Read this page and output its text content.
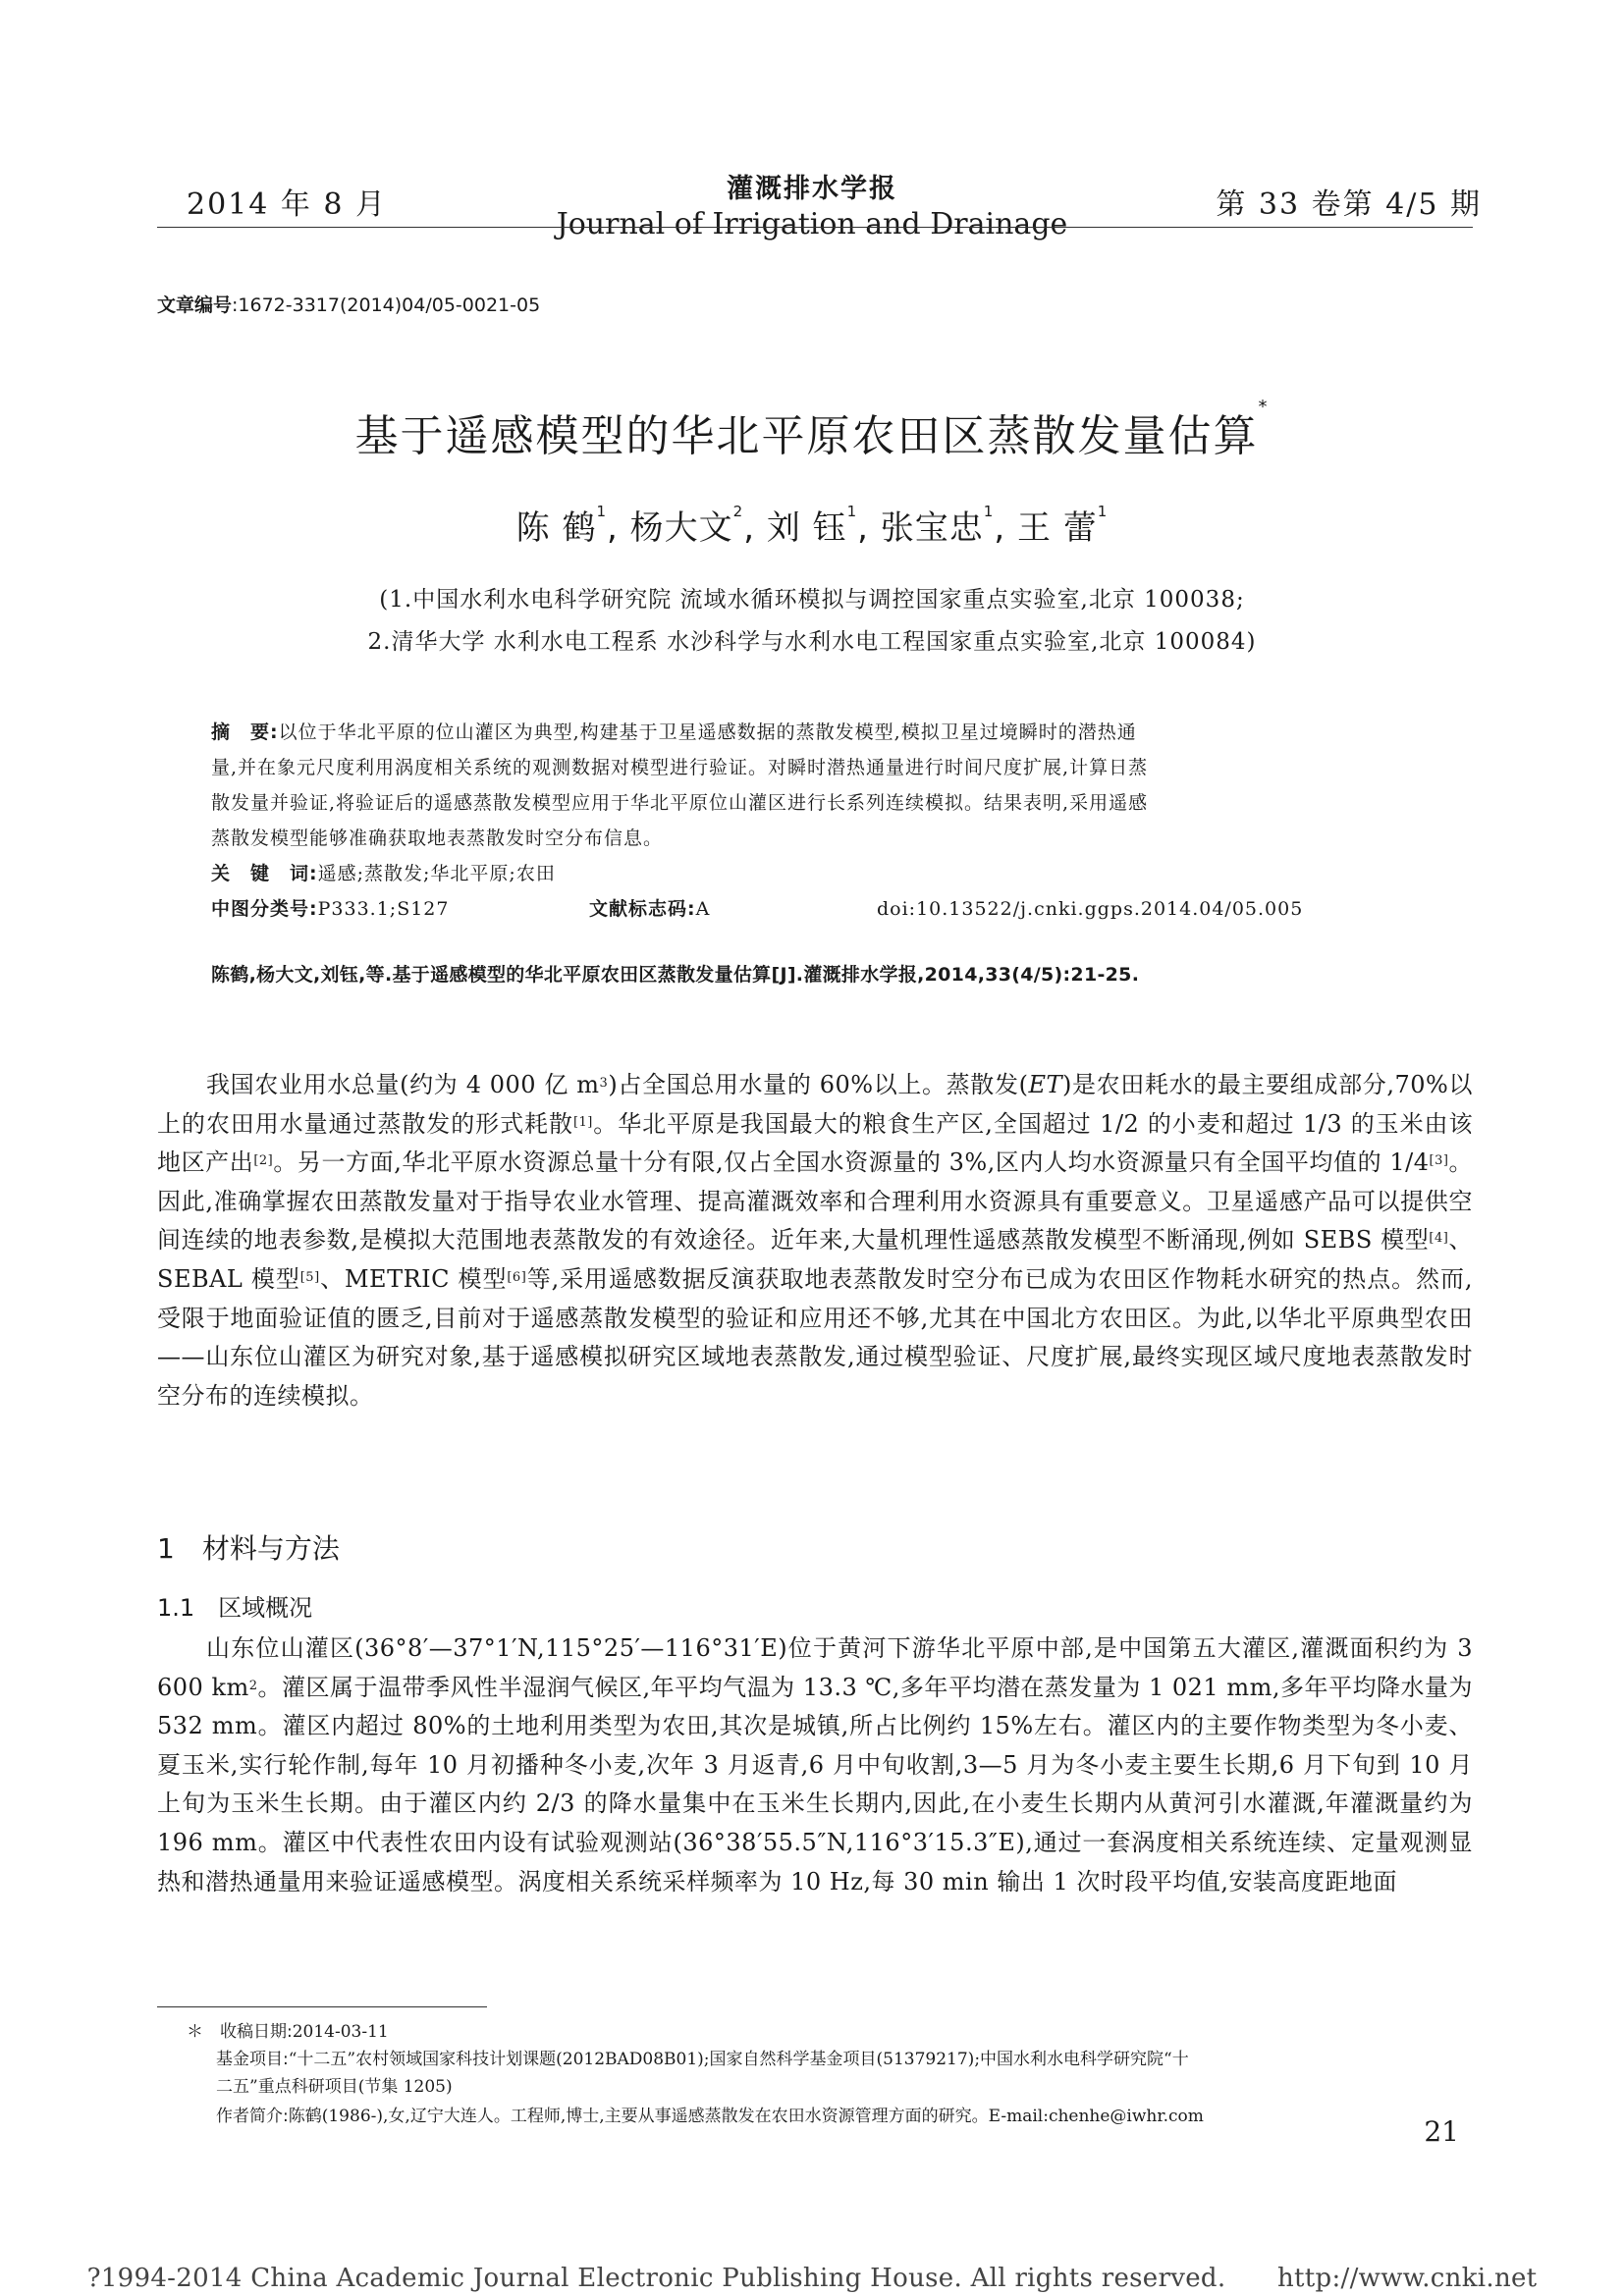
2014 年 8 月	灌溉排水学报
Journal of Irrigation and Drainage
第 33 卷第 4/5 期
文章编号:1672-3317(2014)04/05-0021-05
基于遥感模型的华北平原农田区蒸散发量估算*
陈 鹤$^1$, 杨大文$^2$, 刘 钰$^1$, 张宝忠$^1$, 王 蕾$^1$
(1.中国水利水电科学研究院 流域水循环模拟与调控国家重点实验室,北京 100038;
2.清华大学 水利水电工程系 水沙科学与水利水电工程国家重点实验室,北京 100084)
摘　要:以位于华北平原的位山灌区为典型,构建基于卫星遥感数据的蒸散发模型,模拟卫星过境瞬时的潜热通
量,并在象元尺度利用涡度相关系统的观测数据对模型进行验证。对瞬时潜热通量进行时间尺度扩展,计算日蒸
散发量并验证,将验证后的遥感蒸散发模型应用于华北平原位山灌区进行长系列连续模拟。结果表明,采用遥感
蒸散发模型能够准确获取地表蒸散发时空分布信息。
关　键　词:遥感;蒸散发;华北平原;农田
中图分类号:P333.1;S127	文献标志码:A	doi:10.13522/j.cnki.ggps.2014.04/05.005
陈鹤,杨大文,刘钰,等.基于遥感模型的华北平原农田区蒸散发量估算[J].灌溉排水学报,2014,33(4/5):21-25.
我国农业用水总量(约为 4 000 亿 m$^3$)占全国总用水量的 60%以上。蒸散发(ET)是农田耗水的最主要组成部分,70%以上的农田用水量通过蒸散发的形式耗散[1]。华北平原是我国最大的粮食生产区,全国超过 1/2 的小麦和超过 1/3 的玉米由该地区产出[2]。另一方面,华北平原水资源总量十分有限,仅占全国水资源量的 3%,区内人均水资源量只有全国平均值的 1/4[3]。因此,准确掌握农田蒸散发量对于指导农业水管理、提高灌溉效率和合理利用水资源具有重要意义。卫星遥感产品可以提供空间连续的地表参数,是模拟大范围地表蒸散发的有效途径。近年来,大量机理性遥感蒸散发模型不断涌现,例如 SEBS 模型[4]、SEBAL 模型[5]、METRIC 模型[6]等,采用遥感数据反演获取地表蒸散发时空分布已成为农田区作物耗水研究的热点。然而,受限于地面验证值的匮乏,目前对于遥感蒸散发模型的验证和应用还不够,尤其在中国北方农田区。为此,以华北平原典型农田——山东位山灌区为研究对象,基于遥感模拟研究区域地表蒸散发,通过模型验证、尺度扩展,最终实现区域尺度地表蒸散发时空分布的连续模拟。
1　材料与方法
1.1　区域概况
山东位山灌区(36°8′—37°1′N,115°25′—116°31′E)位于黄河下游华北平原中部,是中国第五大灌区,灌溉面积约为 3 600 km$^2$。灌区属于温带季风性半湿润气候区,年平均气温为 13.3 ℃,多年平均潜在蒸发量为 1 021 mm,多年平均降水量为 532 mm。灌区内超过 80%的土地利用类型为农田,其次是城镇,所占比例约 15%左右。灌区内的主要作物类型为冬小麦、夏玉米,实行轮作制,每年 10 月初播种冬小麦,次年 3 月返青,6 月中旬收割,3—5 月为冬小麦主要生长期,6 月下旬到 10 月上旬为玉米生长期。由于灌区内约 2/3 的降水量集中在玉米生长期内,因此,在小麦生长期内从黄河引水灌溉,年灌溉量约为 196 mm。灌区中代表性农田内设有试验观测站(36°38′55.5″N,116°3′15.3″E),通过一套涡度相关系统连续、定量观测显热和潜热通量用来验证遥感模型。涡度相关系统采样频率为 10 Hz,每 30 min 输出 1 次时段平均值,安装高度距地面
＊　收稿日期:2014-03-11
基金项目:“十二五”农村领域国家科技计划课题(2012BAD08B01);国家自然科学基金项目(51379217);中国水利水电科学研究院“十
二五”重点科研项目(节集 1205)
作者简介:陈鹤(1986-),女,辽宁大连人。工程师,博士,主要从事遥感蒸散发在农田水资源管理方面的研究。E-mail:chenhe@iwhr.com	21
?1994-2014 China Academic Journal Electronic Publishing House. All rights reserved.　　http://www.cnki.net
